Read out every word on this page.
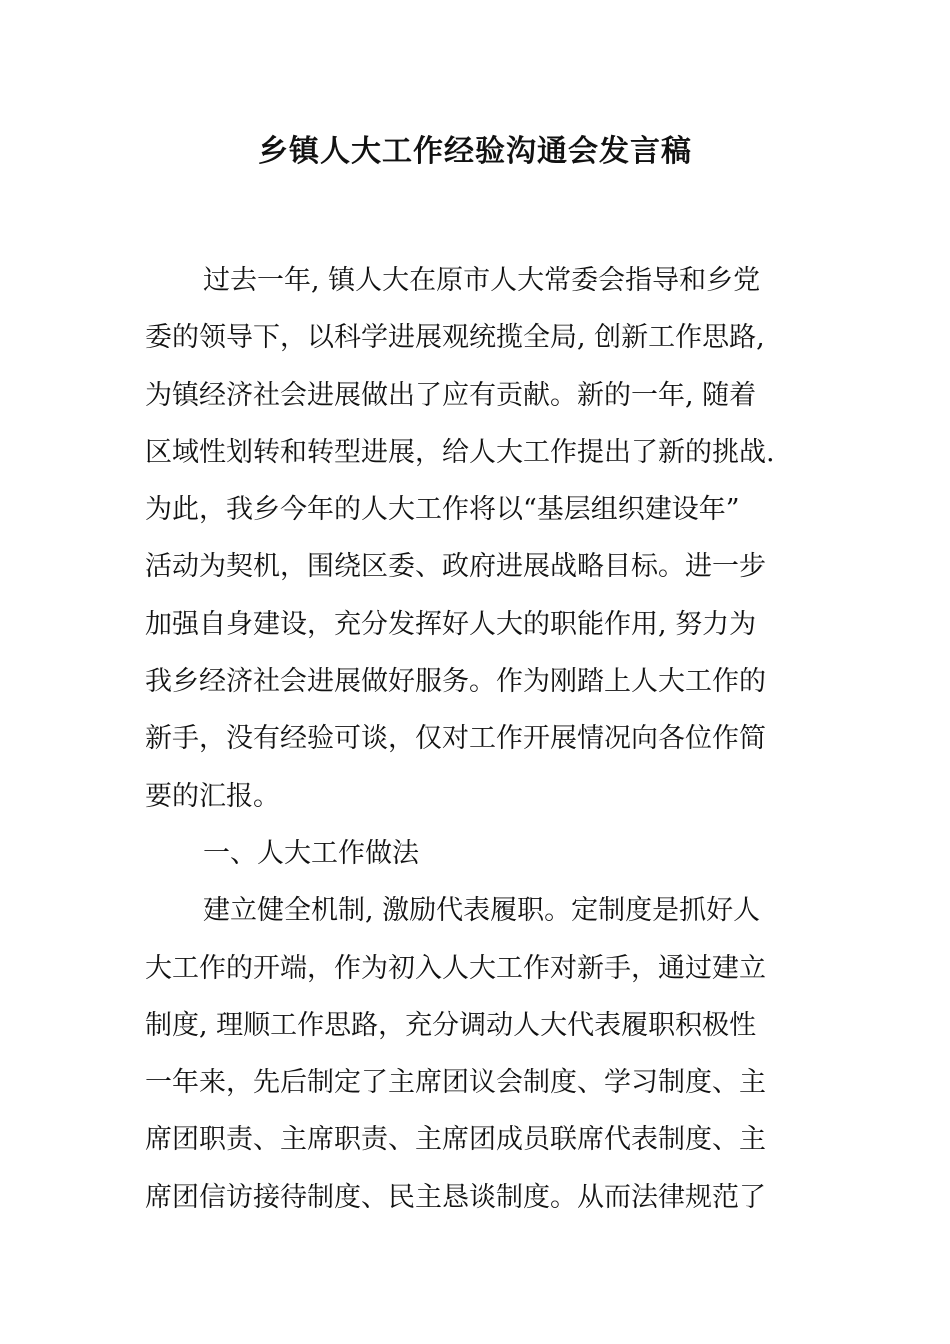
乡镇人大工作经验沟通会发言稿
过去一年, 镇人大在原市人大常委会指导和乡党
委的领导下，以科学进展观统揽全局, 创新工作思路,
为镇经济社会进展做出了应有贡献。新的一年, 随着
区域性划转和转型进展，给人大工作提出了新的挑战.
为此，我乡今年的人大工作将以“基层组织建设年”
活动为契机，围绕区委、政府进展战略目标。进一步
加强自身建设，充分发挥好人大的职能作用, 努力为
我乡经济社会进展做好服务。作为刚踏上人大工作的
新手，没有经验可谈，仅对工作开展情况向各位作简
要的汇报。
一、人大工作做法
建立健全机制, 激励代表履职。定制度是抓好人
大工作的开端，作为初入人大工作对新手，通过建立
制度, 理顺工作思路，充分调动人大代表履职积极性
一年来，先后制定了主席团议会制度、学习制度、主
席团职责、主席职责、主席团成员联席代表制度、主
席团信访接待制度、民主恳谈制度。从而法律规范了
